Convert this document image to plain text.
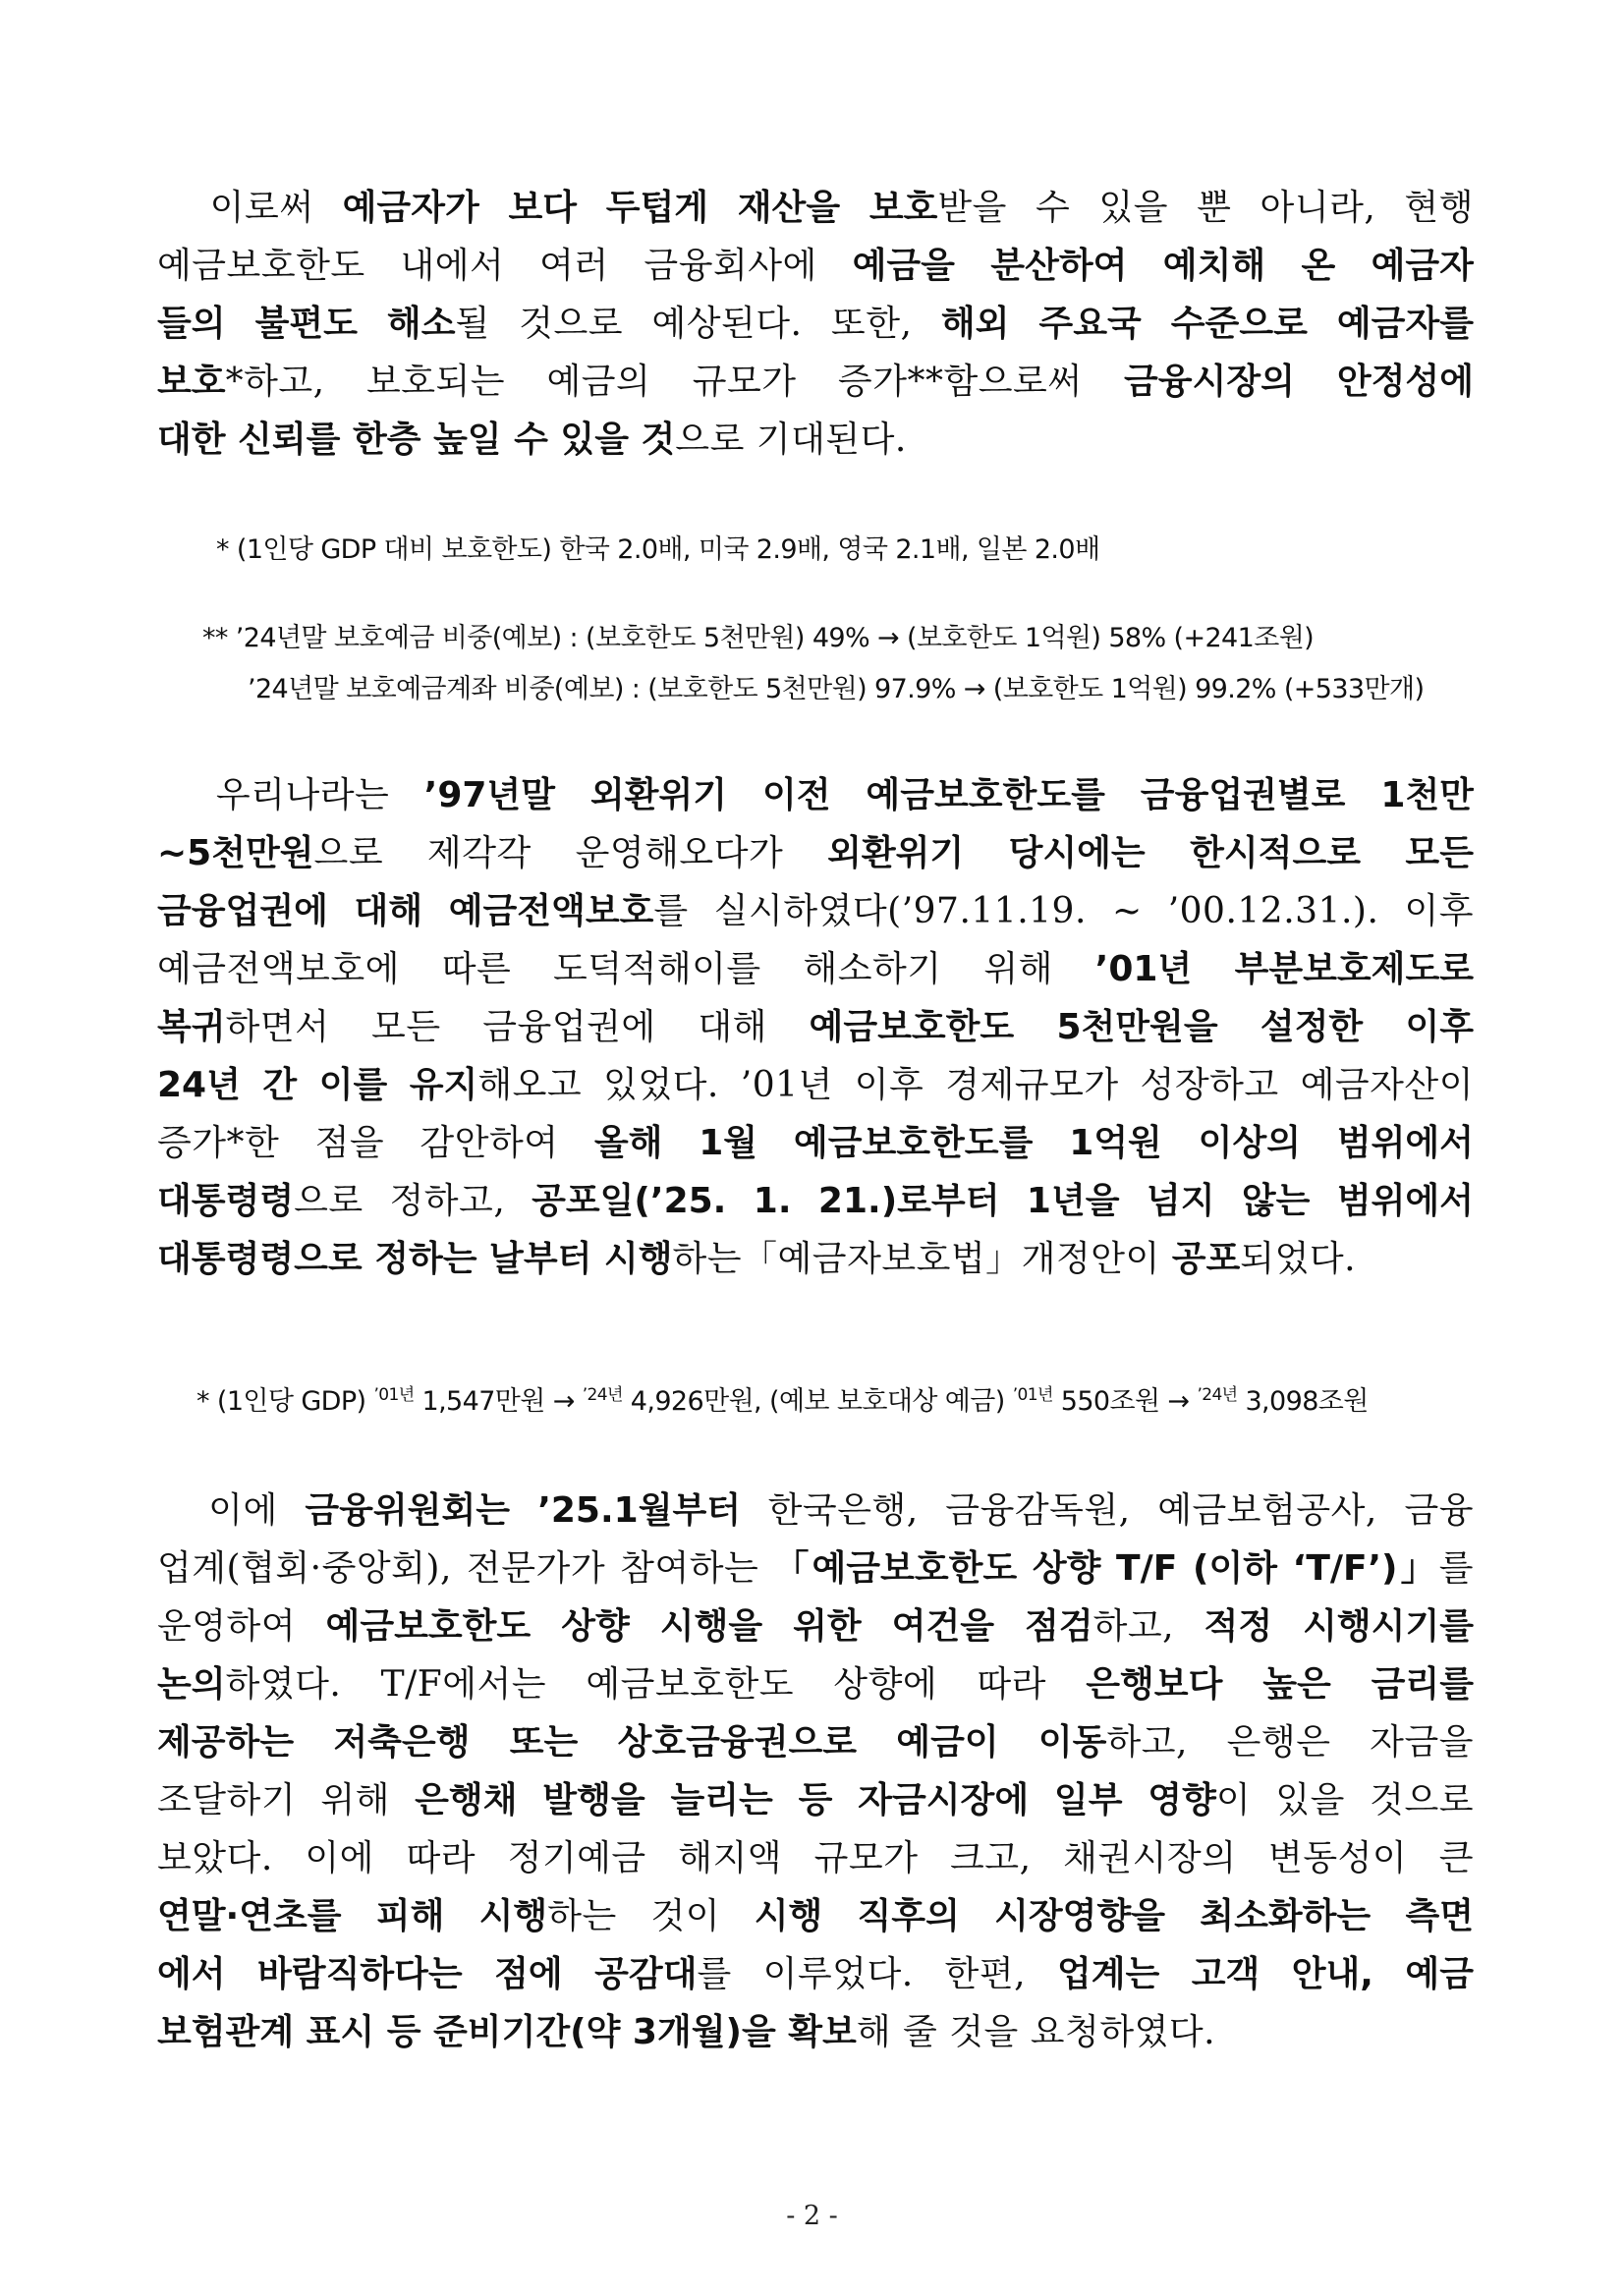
　이로써 예금자가 보다 두텁게 재산을 보호받을 수 있을 뿐 아니라, 현행

예금보호한도 내에서 여러 금융회사에 예금을 분산하여 예치해 온 예금자

들의 불편도 해소될 것으로 예상된다. 또한, 해외 주요국 수준으로 예금자를

보호*하고, 보호되는 예금의 규모가 증가**함으로써 금융시장의 안정성에

대한 신뢰를 한층 높일 수 있을 것으로 기대된다.

* (1인당 GDP 대비 보호한도) 한국 2.0배, 미국 2.9배, 영국 2.1배, 일본 2.0배

** ’24년말 보호예금 비중(예보) : (보호한도 5천만원) 49% → (보호한도 1억원) 58% (+241조원)

’24년말 보호예금계좌 비중(예보) : (보호한도 5천만원) 97.9% → (보호한도 1억원) 99.2% (+533만개)

　우리나라는 ’97년말 외환위기 이전 예금보호한도를 금융업권별로 1천만

~5천만원으로 제각각 운영해오다가 외환위기 당시에는 한시적으로 모든

금융업권에 대해 예금전액보호를 실시하였다(’97.11.19. ~ ’00.12.31.). 이후

예금전액보호에 따른 도덕적해이를 해소하기 위해 ’01년 부분보호제도로

복귀하면서 모든 금융업권에 대해 예금보호한도 5천만원을 설정한 이후

24년 간 이를 유지해오고 있었다. ’01년 이후 경제규모가 성장하고 예금자산이

증가*한 점을 감안하여 올해 1월 예금보호한도를 1억원 이상의 범위에서

대통령령으로 정하고, 공포일(’25. 1. 21.)로부터 1년을 넘지 않는 범위에서

대통령령으로 정하는 날부터 시행하는「예금자보호법」개정안이 공포되었다.

* (1인당 GDP) $^{’01년}$ 1,547만원 → $^{’24년}$ 4,926만원, (예보 보호대상 예금) $^{’01년}$ 550조원 → $^{’24년}$ 3,098조원

　이에 금융위원회는 ’25.1월부터 한국은행, 금융감독원, 예금보험공사, 금융

업계(협회·중앙회), 전문가가 참여하는 「예금보호한도 상향 T/F (이하 ‘T/F’)」를

운영하여 예금보호한도 상향 시행을 위한 여건을 점검하고, 적정 시행시기를

논의하였다. T/F에서는 예금보호한도 상향에 따라 은행보다 높은 금리를

제공하는 저축은행 또는 상호금융권으로 예금이 이동하고, 은행은 자금을

조달하기 위해 은행채 발행을 늘리는 등 자금시장에 일부 영향이 있을 것으로

보았다. 이에 따라 정기예금 해지액 규모가 크고, 채권시장의 변동성이 큰

연말·연초를 피해 시행하는 것이 시행 직후의 시장영향을 최소화하는 측면

에서 바람직하다는 점에 공감대를 이루었다. 한편, 업계는 고객 안내, 예금

보험관계 표시 등 준비기간(약 3개월)을 확보해 줄 것을 요청하였다.

- 2 -
